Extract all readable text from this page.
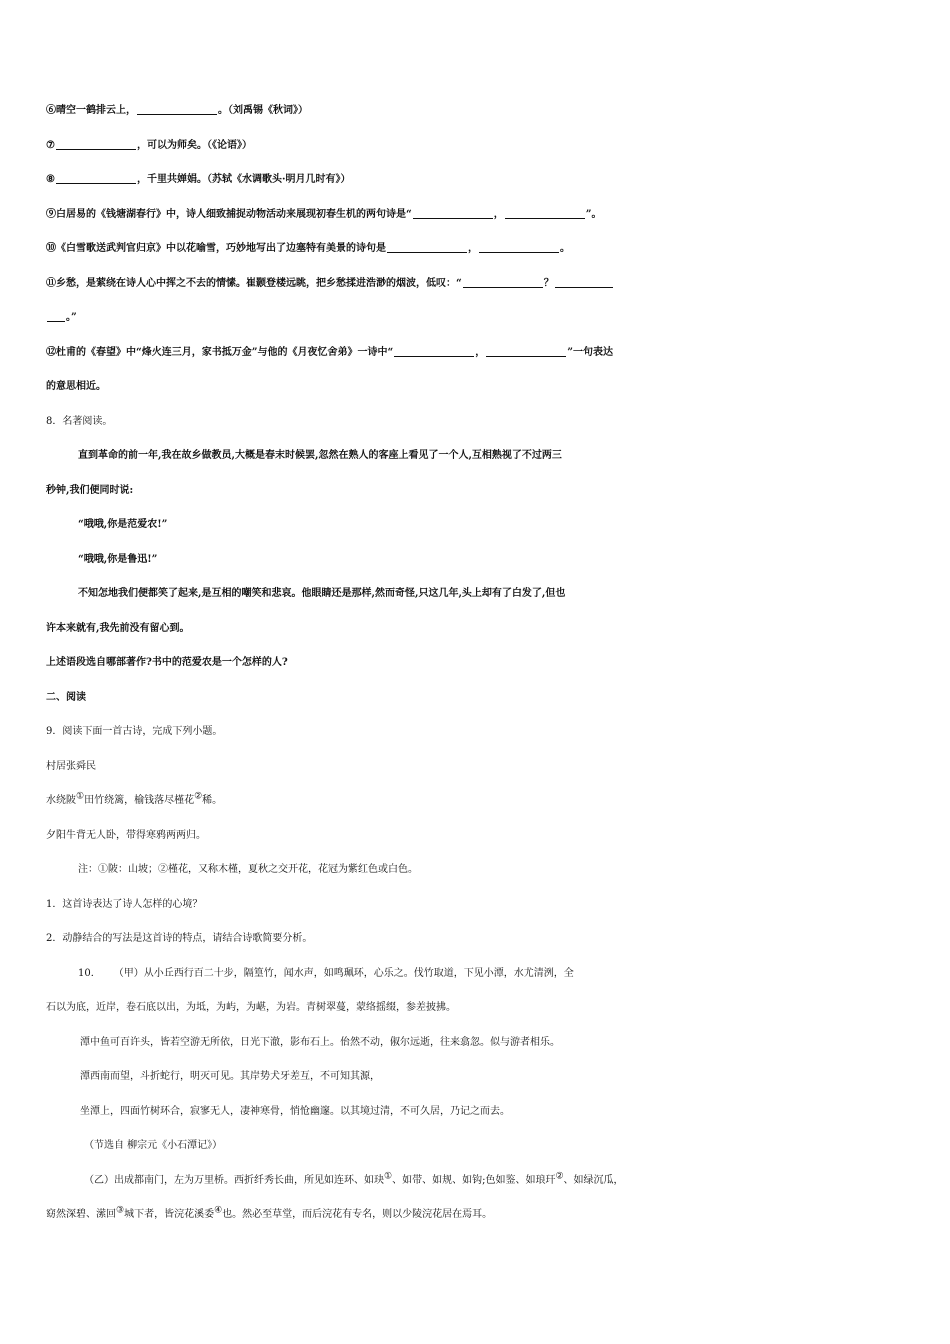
⑥晴空一鹤排云上，	。（刘禹锡《秋词》）
⑦	，可以为师矣。（《论语》）
⑧	，千里共婵娟。（苏轼《水调歌头·明月几时有》）
⑨白居易的《钱塘湖春行》中，诗人细致捕捉动物活动来展现初春生机的两句诗是“	，	”。
⑩《白雪歌送武判官归京》中以花喻雪，巧妙地写出了边塞特有美景的诗句是	，	。
⑪乡愁，是萦绕在诗人心中挥之不去的情愫。崔颢登楼远眺，把乡愁揉进浩渺的烟波，低叹：“	？
。”
⑫杜甫的《春望》中“烽火连三月，家书抵万金”与他的《月夜忆舍弟》一诗中“	，	”一句表达
的意思相近。
8．名著阅读。
直到革命的前一年,我在故乡做教员,大概是春末时候罢,忽然在熟人的客座上看见了一个人,互相熟视了不过两三
秒钟,我们便同时说:
“哦哦,你是范爱农!”
“哦哦,你是鲁迅!”
不知怎地我们便都笑了起来,是互相的嘲笑和悲哀。他眼睛还是那样,然而奇怪,只这几年,头上却有了白发了,但也
许本来就有,我先前没有留心到。
上述语段选自哪部著作?书中的范爱农是一个怎样的人?
二、阅读
9．阅读下面一首古诗，完成下列小题。
村居张舜民
水绕陂①田竹绕篱，榆钱落尽槿花②稀。
夕阳牛背无人卧，带得寒鸦两两归。
注：①陂：山坡；②槿花，又称木槿，夏秋之交开花，花冠为紫红色或白色。
1．这首诗表达了诗人怎样的心境？
2．动静结合的写法是这首诗的特点，请结合诗歌简要分析。
10． （甲）从小丘西行百二十步，隔篁竹，闻水声，如鸣珮环，心乐之。伐竹取道，下见小潭，水尤清洌，全
石以为底，近岸，卷石底以出，为坻，为屿，为嵁，为岩。青树翠蔓，蒙络摇缀，参差披拂。
潭中鱼可百许头，皆若空游无所依，日光下澈，影布石上。佁然不动，俶尔远逝，往来翕忽。似与游者相乐。
潭西南而望，斗折蛇行，明灭可见。其岸势犬牙差互，不可知其源，
坐潭上，四面竹树环合，寂寥无人，凄神寒骨，悄怆幽邃。以其境过清，不可久居，乃记之而去。
（节选自 柳宗元《小石潭记》）
（乙）出成都南门，左为万里桥。西折纤秀长曲，所见如连环、如玦①、如带、如规、如钩;色如鉴、如琅玕②、如绿沉瓜，
窈然深碧、潆回③城下者，皆浣花溪委④也。然必至草堂，而后浣花有专名，则以少陵浣花居在焉耳。
